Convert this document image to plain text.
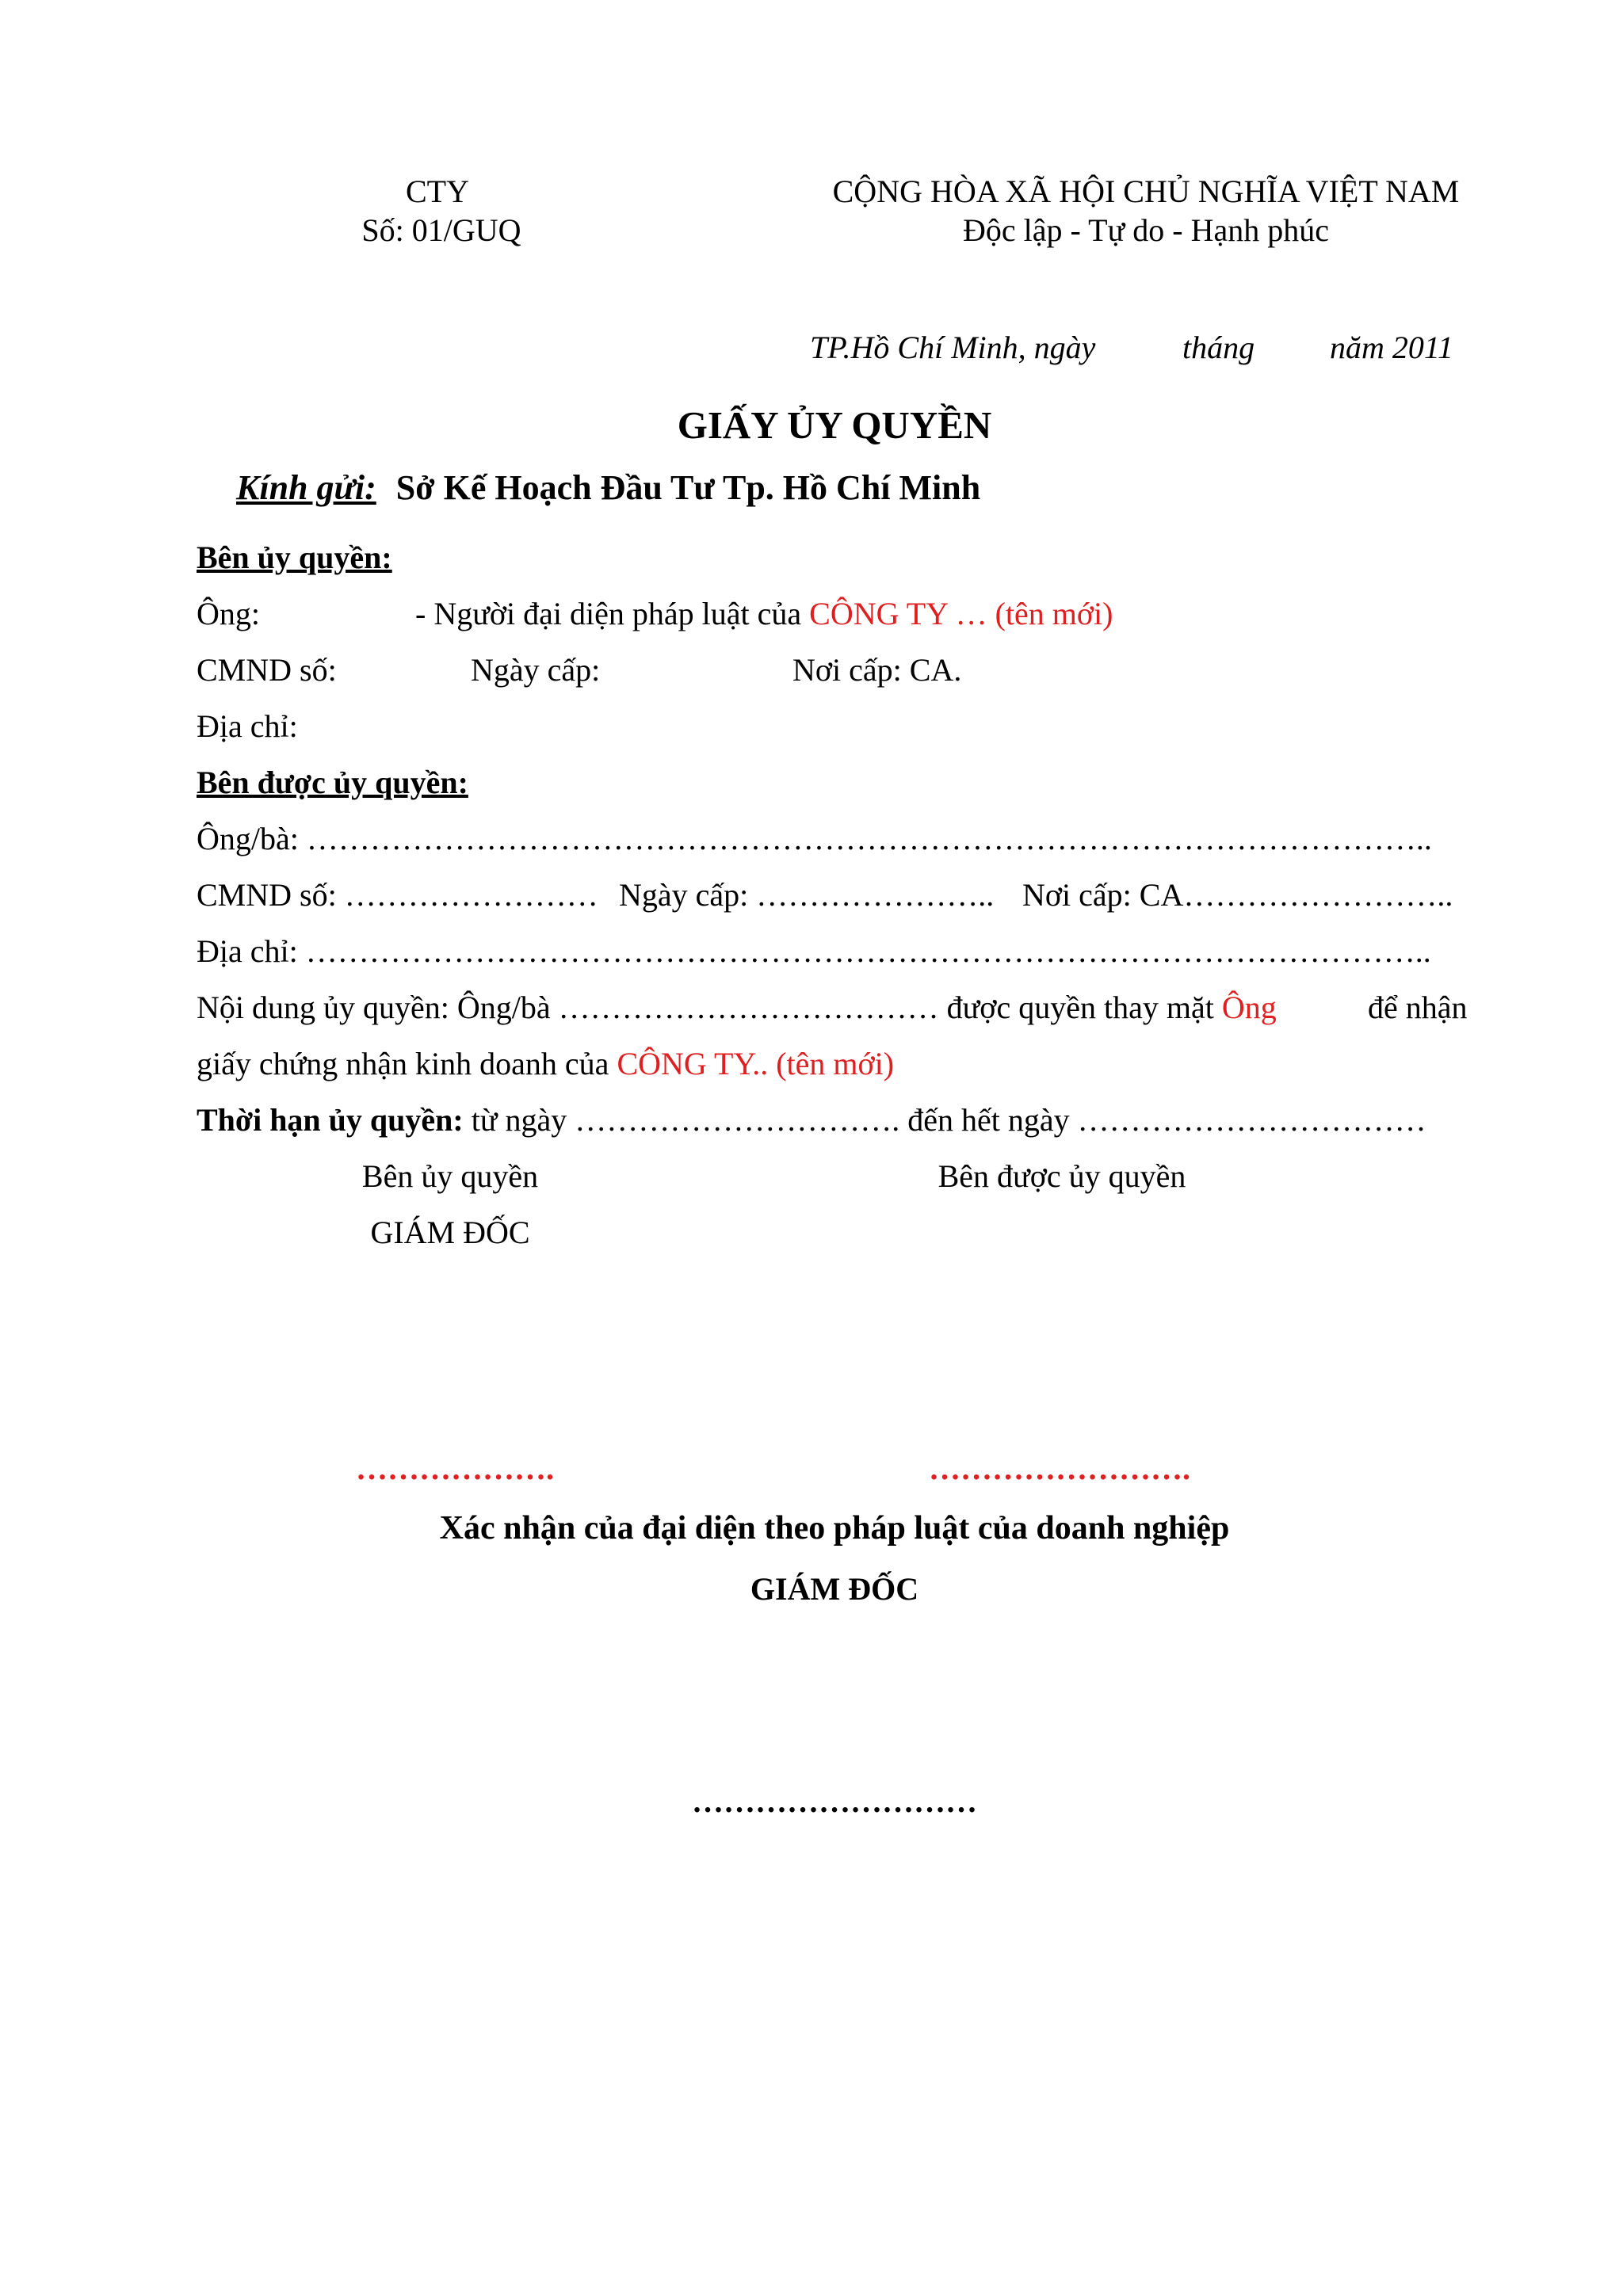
CTY
Số: 01/GUQ
CỘNG HÒA XÃ HỘI CHỦ NGHĨA VIỆT NAM
Độc lập - Tự do - Hạnh phúc
TP.Hồ Chí Minh, ngày	tháng năm 2011
GIẤY ỦY QUYỀN
Kính gửi: Sở Kế Hoạch Đầu Tư Tp. Hồ Chí Minh
Bên ủy quyền:
Ông:	- Người đại diện pháp luật của CÔNG TY … (tên mới)
CMND số:	Ngày cấp:	Nơi cấp: CA.
Địa chỉ:
Bên được ủy quyền:
Ông/bà: ……………………………………………………………………………………………..
CMND số: …………………… Ngày cấp: ………………….. Nơi cấp: CA……………………..
Địa chỉ: ……………………………………………………………………………………………..
Nội dung ủy quyền: Ông/bà ……………………………… được quyền thay mặt Ông	để nhận
giấy chứng nhận kinh doanh của CÔNG TY.. (tên mới)
Thời hạn ủy quyền: từ ngày …………………………. đến hết ngày ……………………………
Bên ủy quyền
GIÁM ĐỐC
Bên được ủy quyền
……………….	…………………….
Xác nhận của đại diện theo pháp luật của doanh nghiệp
GIÁM ĐỐC
………………………
